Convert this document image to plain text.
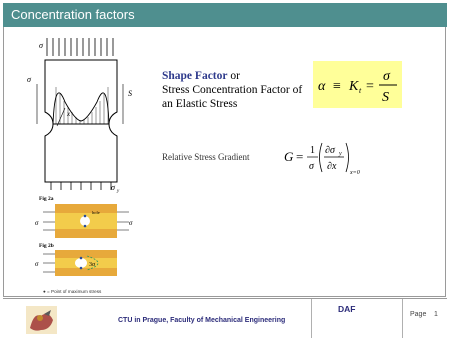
Concentration factors
σ
σ
S
x
σ y
Fig 2a
σ	σ
hole
Fig 2b
σ	3σ
● = Point of maximum stress
Shape Factor or
Stress Concentration Factor of
an Elastic Stress
α ≡ K t =
σ
S
Relative Stress Gradient	G = 1
σ
∂σ y
∂x
x=0
CTU in Prague, Faculty of Mechanical Engineering
DAF
Page 1
